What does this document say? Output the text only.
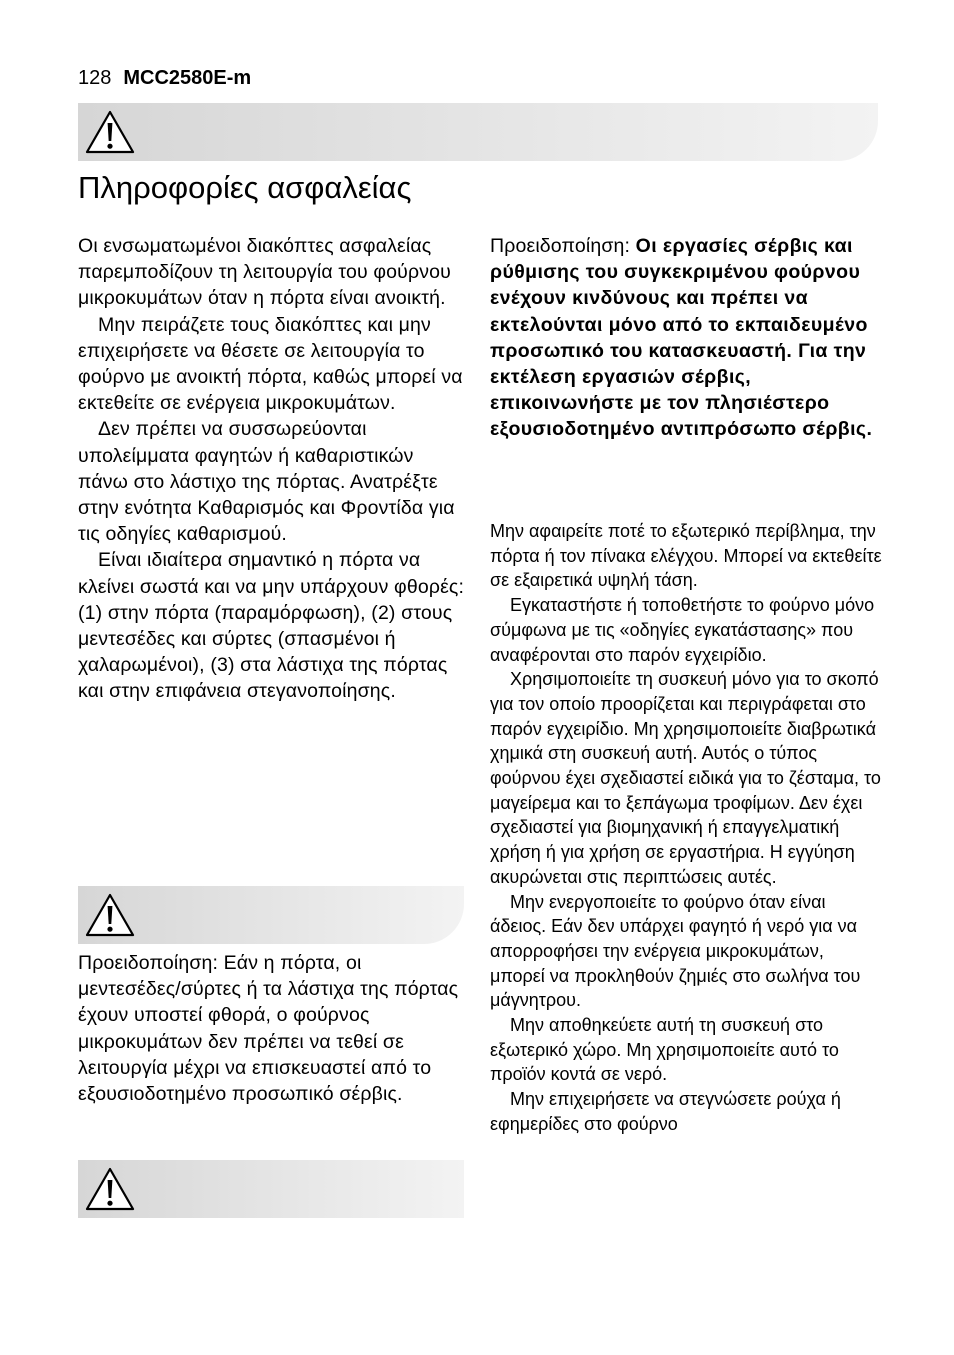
128 MCC2580E-m
Πληροφορίες ασφαλείας

Οι ενσωματωμένοι διακόπτες ασφαλείας παρεμποδίζουν τη λειτουργία του φούρνου μικροκυμάτων όταν η πόρτα είναι ανοικτή.

Μην πειράζετε τους διακόπτες και μην επιχειρήσετε να θέσετε σε λειτουργία το φούρνο με ανοικτή πόρτα, καθώς μπορεί να εκτεθείτε σε ενέργεια μικροκυμάτων.

Δεν πρέπει να συσσωρεύονται υπολείμματα φαγητών ή καθαριστικών πάνω στο λάστιχο της πόρτας. Ανατρέξτε στην ενότητα Καθαρισμός και Φροντίδα για τις οδηγίες καθαρισμού.

Είναι ιδιαίτερα σημαντικό η πόρτα να κλείνει σωστά και να μην υπάρχουν φθορές: (1) στην πόρτα (παραμόρφωση), (2) στους μεντεσέδες και σύρτες (σπασμένοι ή χαλαρωμένοι), (3) στα λάστιχα της πόρτας και στην επιφάνεια στεγανοποίησης.

Προειδοποίηση: Εάν η πόρτα, οι μεντεσέδες/σύρτες ή τα λάστιχα της πόρτας έχουν υποστεί φθορά, ο φούρνος μικροκυμάτων δεν πρέπει να τεθεί σε λειτουργία μέχρι να επισκευαστεί από το εξουσιοδοτημένο προσωπικό σέρβις.

Προειδοποίηση: Οι εργασίες σέρβις και ρύθμισης του συγκεκριμένου φούρνου ενέχουν κινδύνους και πρέπει να εκτελούνται μόνο από το εκπαιδευμένο προσωπικό του κατασκευαστή. Για την εκτέλεση εργασιών σέρβις, επικοινωνήστε με τον πλησιέστερο εξουσιοδοτημένο αντιπρόσωπο σέρβις.

Μην αφαιρείτε ποτέ το εξωτερικό περίβλημα, την πόρτα ή τον πίνακα ελέγχου. Μπορεί να εκτεθείτε σε εξαιρετικά υψηλή τάση.

Εγκαταστήστε ή τοποθετήστε το φούρνο μόνο σύμφωνα με τις «οδηγίες εγκατάστασης» που αναφέρονται στο παρόν εγχειρίδιο.

Χρησιμοποιείτε τη συσκευή μόνο για το σκοπό για τον οποίο προορίζεται και περιγράφεται στο παρόν εγχειρίδιο. Μη χρησιμοποιείτε διαβρωτικά χημικά στη συσκευή αυτή. Αυτός ο τύπος φούρνου έχει σχεδιαστεί ειδικά για το ζέσταμα, το μαγείρεμα και το ξεπάγωμα τροφίμων. Δεν έχει σχεδιαστεί για βιομηχανική ή επαγγελματική χρήση ή για χρήση σε εργαστήρια. Η εγγύηση ακυρώνεται στις περιπτώσεις αυτές.

Μην ενεργοποιείτε το φούρνο όταν είναι άδειος. Εάν δεν υπάρχει φαγητό ή νερό για να απορροφήσει την ενέργεια μικροκυμάτων, μπορεί να προκληθούν ζημιές στο σωλήνα του μάγνητρου.

Μην αποθηκεύετε αυτή τη συσκευή στο εξωτερικό χώρο. Μη χρησιμοποιείτε αυτό το προϊόν κοντά σε νερό.

Μην επιχειρήσετε να στεγνώσετε ρούχα ή εφημερίδες στο φούρνο
